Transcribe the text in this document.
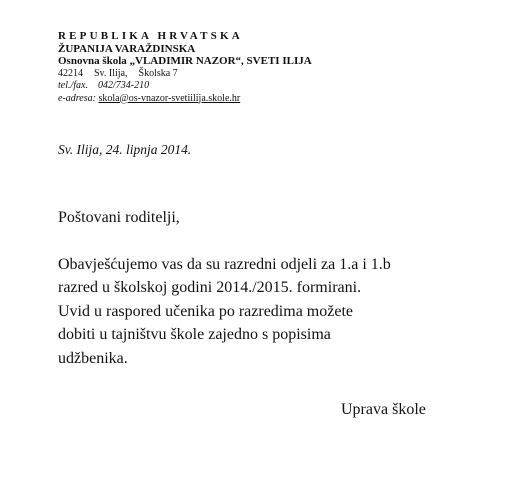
REPUBLIKA HRVATSKA
ŽUPANIJA VARAŽDINSKA
Osnovna škola „VLADIMIR NAZOR“, SVETI ILIJA
42214 Sv. Ilija, Školska 7
tel./fax. 042/734-210
e-adresa: skola@os-vnazor-svetiilija.skole.hr
Sv. Ilija, 24. lipnja 2014.
Poštovani roditelji,
Obavješćujemo vas da su razredni odjeli za 1.a i 1.b
razred u školskoj godini 2014./2015. formirani.
Uvid u raspored učenika po razredima možete
dobiti u tajništvu škole zajedno s popisima
udžbenika.
Uprava škole
